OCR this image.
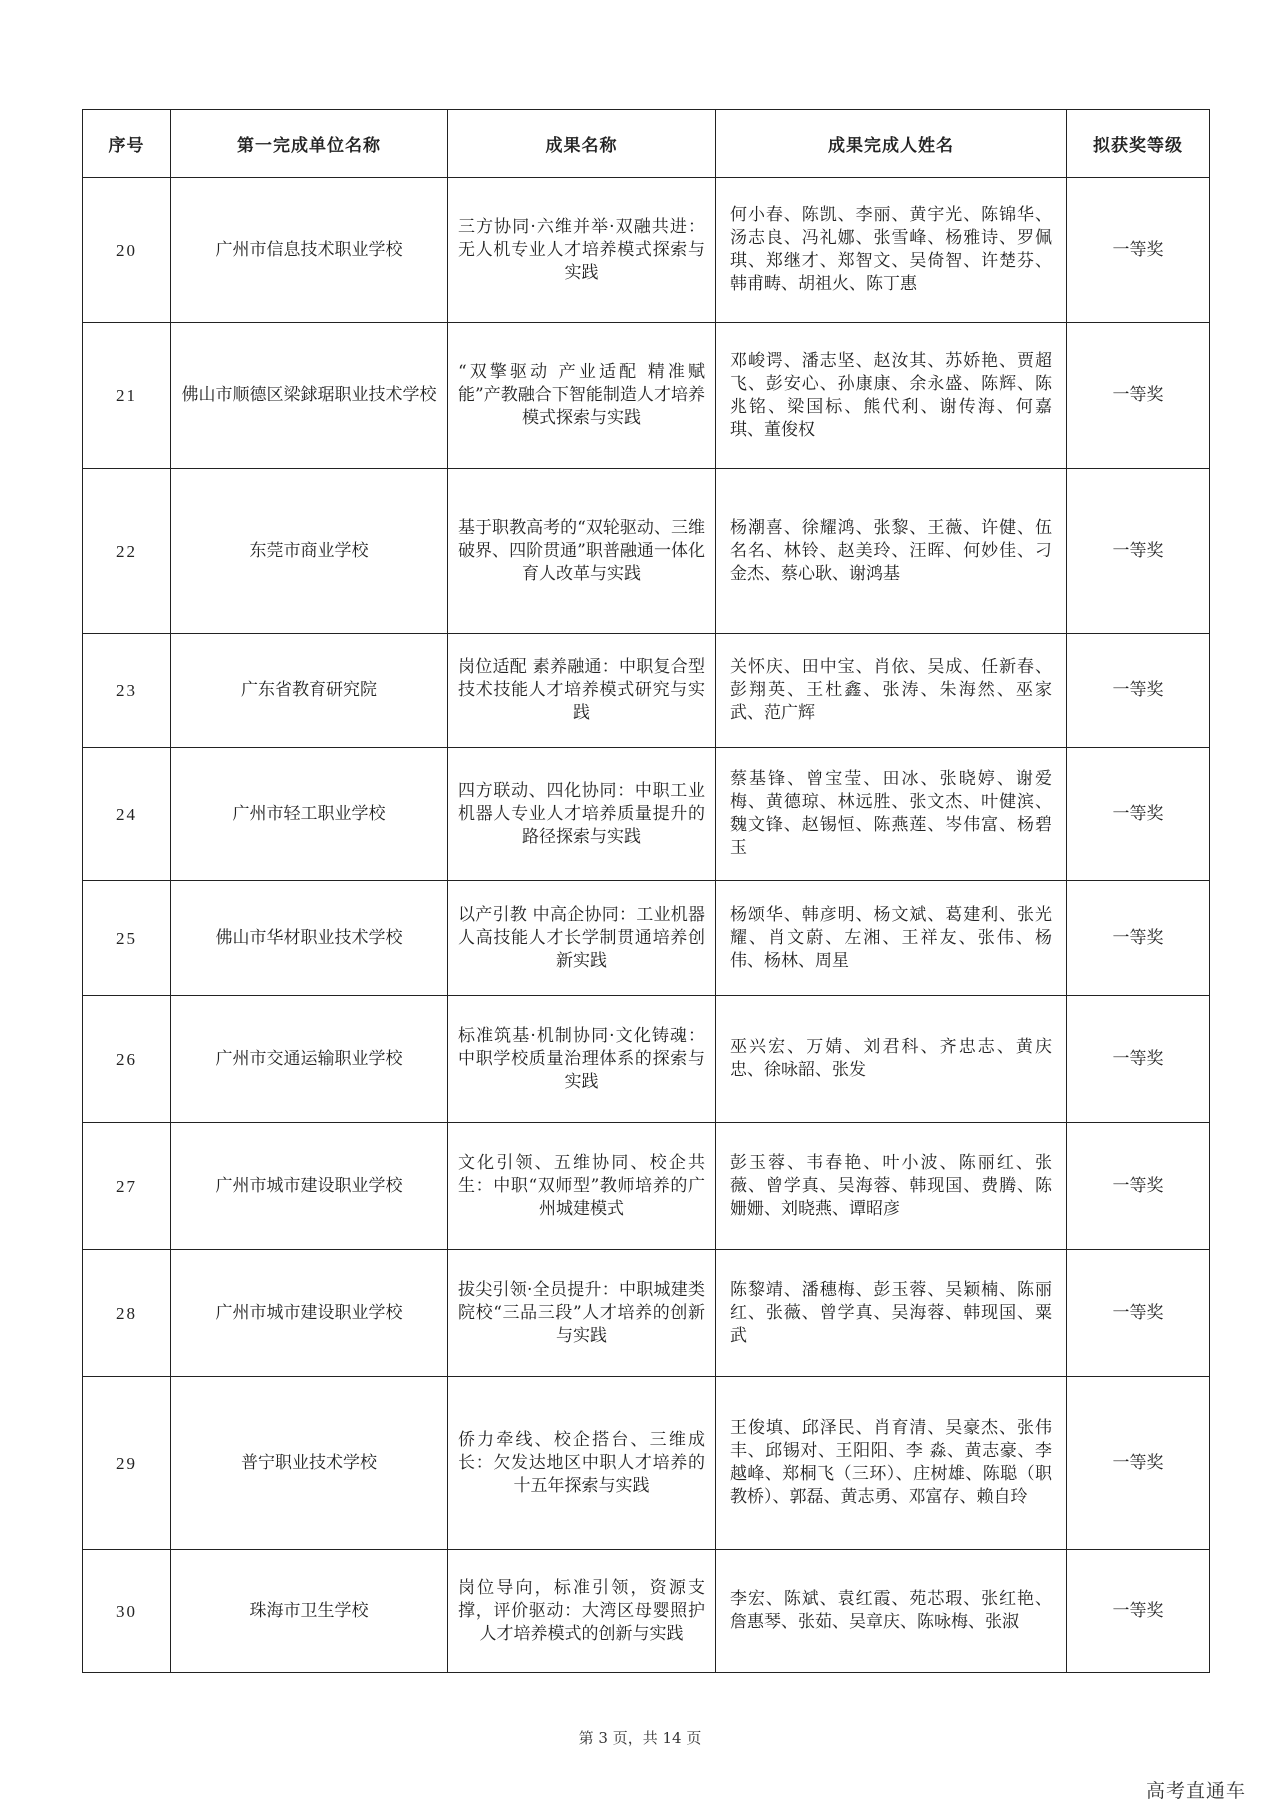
序号	第一完成单位名称	成果名称	成果完成人姓名	拟获奖等级
20	广州市信息技术职业学校	三方协同·六维并举·双融共进：无人机专业人才培养模式探索与实践	何小春、陈凯、李丽、黄宇光、陈锦华、汤志良、冯礼娜、张雪峰、杨雅诗、罗佩琪、郑继才、郑智文、吴倚智、许楚芬、韩甫畴、胡祖火、陈丁惠	一等奖
21	佛山市顺德区梁銶琚职业技术学校	“双擎驱动 产业适配 精准赋能”产教融合下智能制造人才培养模式探索与实践	邓峻谔、潘志坚、赵汝其、苏娇艳、贾超飞、彭安心、孙康康、余永盛、陈辉、陈兆铭、梁国标、熊代利、谢传海、何嘉琪、董俊权	一等奖
22	东莞市商业学校	基于职教高考的“双轮驱动、三维破界、四阶贯通”职普融通一体化育人改革与实践	杨潮喜、徐耀鸿、张黎、王薇、许健、伍名名、林铃、赵美玲、汪晖、何妙佳、刁金杰、蔡心耿、谢鸿基	一等奖
23	广东省教育研究院	岗位适配 素养融通：中职复合型技术技能人才培养模式研究与实践	关怀庆、田中宝、肖依、吴成、任新春、彭翔英、王杜鑫、张涛、朱海然、巫家武、范广辉	一等奖
24	广州市轻工职业学校	四方联动、四化协同：中职工业机器人专业人才培养质量提升的路径探索与实践	蔡基锋、曾宝莹、田冰、张晓婷、谢爱梅、黄德琼、林远胜、张文杰、叶健滨、魏文锋、赵锡恒、陈燕莲、岑伟富、杨碧玉	一等奖
25	佛山市华材职业技术学校	以产引教 中高企协同：工业机器人高技能人才长学制贯通培养创新实践	杨颂华、韩彦明、杨文斌、葛建利、张光耀、肖文蔚、左湘、王祥友、张伟、杨伟、杨林、周星	一等奖
26	广州市交通运输职业学校	标准筑基·机制协同·文化铸魂：中职学校质量治理体系的探索与实践	巫兴宏、万婧、刘君科、齐忠志、黄庆忠、徐咏韶、张发	一等奖
27	广州市城市建设职业学校	文化引领、五维协同、校企共生：中职“双师型”教师培养的广州城建模式	彭玉蓉、韦春艳、叶小波、陈丽红、张薇、曾学真、吴海蓉、韩现国、费腾、陈姗姗、刘晓燕、谭昭彦	一等奖
28	广州市城市建设职业学校	拔尖引领·全员提升：中职城建类院校“三品三段”人才培养的创新与实践	陈黎靖、潘穗梅、彭玉蓉、吴颖楠、陈丽红、张薇、曾学真、吴海蓉、韩现国、粟武	一等奖
29	普宁职业技术学校	侨力牵线、校企搭台、三维成长：欠发达地区中职人才培养的十五年探索与实践	王俊填、邱泽民、肖育清、吴豪杰、张伟丰、邱锡对、王阳阳、李 淼、黄志豪、李越峰、郑桐飞（三环）、庄树雄、陈聪（职教桥）、郭磊、黄志勇、邓富存、赖自玲	一等奖
30	珠海市卫生学校	岗位导向，标准引领，资源支撑，评价驱动：大湾区母婴照护人才培养模式的创新与实践	李宏、陈斌、袁红霞、苑芯瑕、张红艳、詹惠琴、张茹、吴章庆、陈咏梅、张淑	一等奖
第 3 页，共 14 页
高考直通车
